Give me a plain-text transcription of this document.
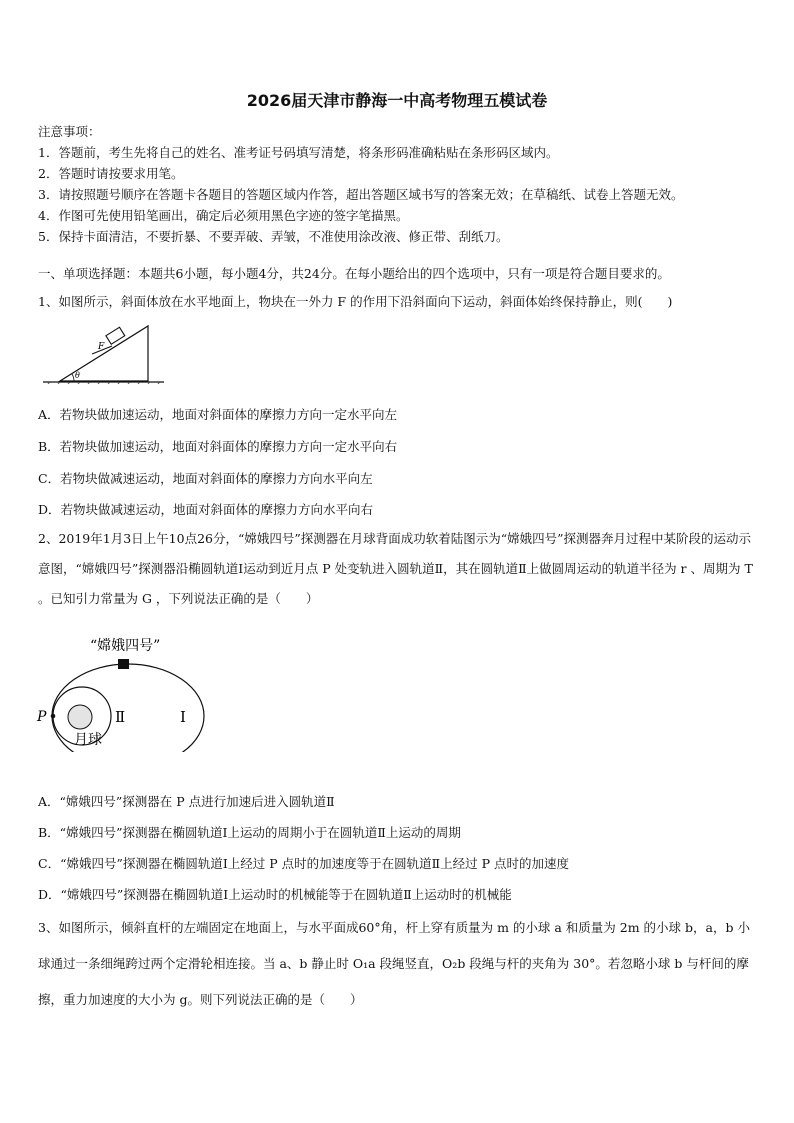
2026届天津市静海一中高考物理五模试卷
注意事项：
1．答题前，考生先将自己的姓名、准考证号码填写清楚，将条形码准确粘贴在条形码区域内。
2．答题时请按要求用笔。
3．请按照题号顺序在答题卡各题目的答题区域内作答，超出答题区域书写的答案无效；在草稿纸、试卷上答题无效。
4．作图可先使用铅笔画出，确定后必须用黑色字迹的签字笔描黑。
5．保持卡面清洁，不要折暴、不要弄破、弄皱，不准使用涂改液、修正带、刮纸刀。
一、单项选择题：本题共6小题，每小题4分，共24分。在每小题给出的四个选项中，只有一项是符合题目要求的。
1、如图所示，斜面体放在水平地面上，物块在一外力 F 的作用下沿斜面向下运动，斜面体始终保持静止，则(　　)
F
θ
A．若物块做加速运动，地面对斜面体的摩擦力方向一定水平向左
B．若物块做加速运动，地面对斜面体的摩擦力方向一定水平向右
C．若物块做减速运动，地面对斜面体的摩擦力方向水平向左
D．若物块做减速运动，地面对斜面体的摩擦力方向水平向右
2、2019年1月3日上午10点26分，“嫦娥四号”探测器在月球背面成功软着陆图示为“嫦娥四号”探测器奔月过程中某阶段的运动示意图，“嫦娥四号”探测器沿椭圆轨道Ⅰ运动到近月点 P 处变轨进入圆轨道Ⅱ，其在圆轨道Ⅱ上做圆周运动的轨道半径为 r 、周期为 T 。已知引力常量为 G ，下列说法正确的是（　　）
“嫦娥四号”
P	Ⅱ	Ⅰ
月球
A．“嫦娥四号”探测器在 P 点进行加速后进入圆轨道Ⅱ
B．“嫦娥四号”探测器在椭圆轨道Ⅰ上运动的周期小于在圆轨道Ⅱ上运动的周期
C．“嫦娥四号”探测器在椭圆轨道Ⅰ上经过 P 点时的加速度等于在圆轨道Ⅱ上经过 P 点时的加速度
D．“嫦娥四号”探测器在椭圆轨道Ⅰ上运动时的机械能等于在圆轨道Ⅱ上运动时的机械能
3、如图所示，倾斜直杆的左端固定在地面上，与水平面成60°角，杆上穿有质量为 m 的小球 a 和质量为 2m 的小球 b，a，b 小球通过一条细绳跨过两个定滑轮相连接。当 a、b 静止时 O₁a 段绳竖直，O₂b 段绳与杆的夹角为 30°。若忽略小球 b 与杆间的摩擦，重力加速度的大小为 g。则下列说法正确的是（　　）
